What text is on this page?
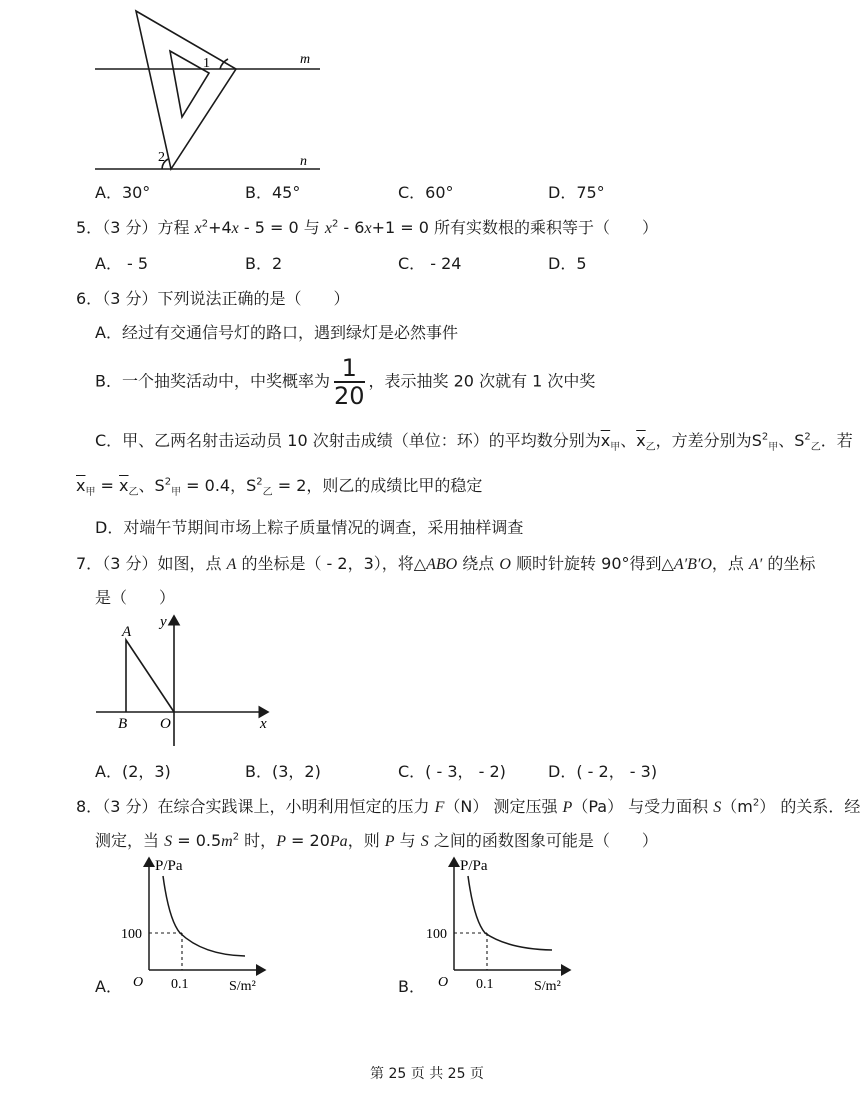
m
n
1
2
A．30°	B．45°	C．60°	D．75°
5．（3 分）方程 $x^2+4x - 5 = 0$ 与 $x^2 - 6x+1 = 0$ 所有实数根的乘积等于（　　）
A． - 5	B．2	C． - 24	D．5
6．（3 分）下列说法正确的是（　　）
A．经过有交通信号灯的路口，遇到绿灯是必然事件
B．一个抽奖活动中，中奖概率为 $\frac{1}{20}$ ，表示抽奖 20 次就有 1 次中奖
C．甲、乙两名射击运动员 10 次射击成绩（单位：环）的平均数分别为$\overline{x}_甲$、$\overline{x}_乙$，方差分别为$S^2_甲$、$S^2_乙$．若
$\overline{x}_甲 = \overline{x}_乙$、$S^2_甲 = 0.4$，$S^2_乙 = 2$，则乙的成绩比甲的稳定
D．对端午节期间市场上粽子质量情况的调查，采用抽样调查
7．（3 分）如图，点 A 的坐标是（ - 2，3），将△ABO 绕点 O 顺时针旋转 90°得到△A′B′O，点 A′ 的坐标
是（　　）
A
B O	x
y
A．(2，3)	B．(3，2)	C．( - 3， - 2)	D．( - 2， - 3)
8．（3 分）在综合实践课上，小明利用恒定的压力 F（N） 测定压强 P（Pa） 与受力面积 $S(m^2)$ 的关系．经
测定，当 $S = 0.5m^2$ 时，P = 20Pa，则 P 与 S 之间的函数图象可能是（　　）
A．
P/Pa
100
0.1
O	S/m²	B．
P/Pa
100
0.1
O	S/m²
第 25 页 共 25 页
